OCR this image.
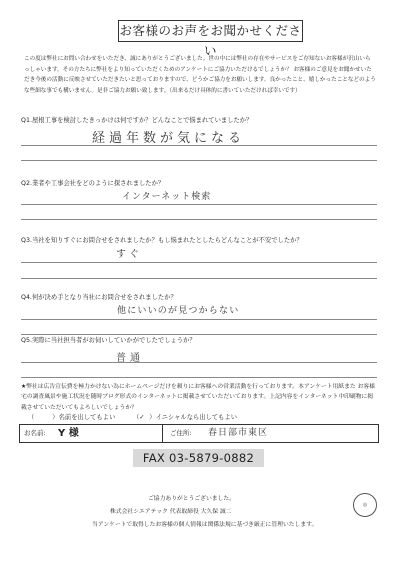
お客様のお声をお聞かせください
この度は弊社にお問い合わせをいただき、誠にありがとうございました。世の中には弊社の存在やサービスをご存知ないお客様が沢山いらっしゃいます。その方たちに弊社をより知っていただくためのアンケートにご協力いただけるでしょうか？ お客様のご意見をお聞かせいただき今後の活動に反映させていただきたいと思っておりますので、どうかご協力をお願いします。良かったこと、嬉しかったことなどのような些細な事でも構いません。是非ご協力お願い致します。（出来るだけ具体的に書いていただければ幸いです）
Q1.屋根工事を検討したきっかけは何ですか？どんなことで悩まれていましたか？
経過年数が気になる
Q2.業者や工事会社をどのように探されましたか？
インターネット検索
Q3.当社を知りすぐにお問合せをされましたか？もし悩まれたとしたらどんなことが不安でしたか？
すぐ
Q4.何が決め手となり当社にお問合せをされましたか？
他にいいのが見つからない
Q5.実際に当社担当者がお伺いしていかがでしたでしょうか？
普通
★弊社は広告宣伝費を極力かけない為にホームページだけを頼りにお客様への営業活動を行っております。本アンケート用紙また お客様宅の調査風景や施工状況を随時ブログ形式のインターネットに掲載させていただいております。上記内容をインターネット中印刷物に掲載させていただいてもよろしいでしょうか？
（	）名前を出してもよい	（✓ ）イニシャルなら出してもよい
お名前: Y 様	ご住所: 春日部市東区
FAX 03-5879-0882
ご協力ありがとうございました。
株式会社シエアテック 代表取締役 大久保 誠二
当アンケートで取得したお客様の個人情報は関係法規に基づき厳正に管理いたします。
◎
